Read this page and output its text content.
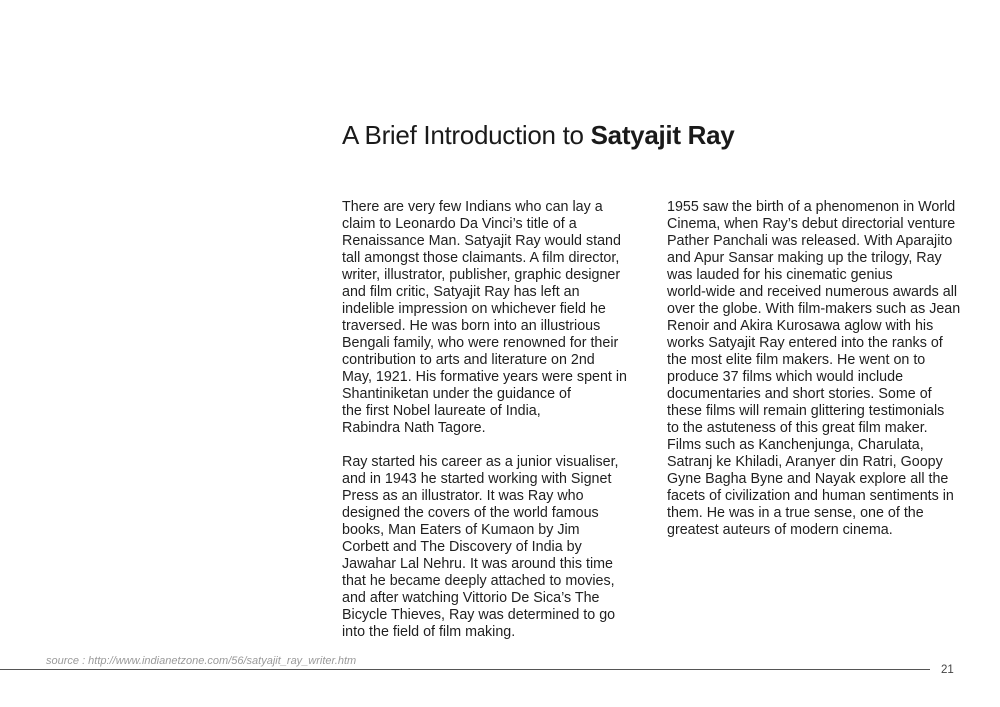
A Brief Introduction to Satyajit Ray

There are very few Indians who can lay a
claim to Leonardo Da Vinci’s title of a
Renaissance Man. Satyajit Ray would stand
tall amongst those claimants. A film director,
writer, illustrator, publisher, graphic designer
and film critic, Satyajit Ray has left an
indelible impression on whichever field he
traversed. He was born into an illustrious
Bengali family, who were renowned for their
contribution to arts and literature on 2nd
May, 1921. His formative years were spent in
Shantiniketan under the guidance of
the first Nobel laureate of India,
Rabindra Nath Tagore.

Ray started his career as a junior visualiser,
and in 1943 he started working with Signet
Press as an illustrator. It was Ray who
designed the covers of the world famous
books, Man Eaters of Kumaon by Jim
Corbett and The Discovery of India by
Jawahar Lal Nehru. It was around this time
that he became deeply attached to movies,
and after watching Vittorio De Sica’s The
Bicycle Thieves, Ray was determined to go
into the field of film making.

1955 saw the birth of a phenomenon in World
Cinema, when Ray’s debut directorial venture
Pather Panchali was released. With Aparajito
and Apur Sansar making up the trilogy, Ray
was lauded for his cinematic genius
world-wide and received numerous awards all
over the globe. With film-makers such as Jean
Renoir and Akira Kurosawa aglow with his
works Satyajit Ray entered into the ranks of
the most elite film makers. He went on to
produce 37 films which would include
documentaries and short stories. Some of
these films will remain glittering testimonials
to the astuteness of this great film maker.
Films such as Kanchenjunga, Charulata,
Satranj ke Khiladi, Aranyer din Ratri, Goopy
Gyne Bagha Byne and Nayak explore all the
facets of civilization and human sentiments in
them. He was in a true sense, one of the
greatest auteurs of modern cinema.

source : http://www.indianetzone.com/56/satyajit_ray_writer.htm
21
